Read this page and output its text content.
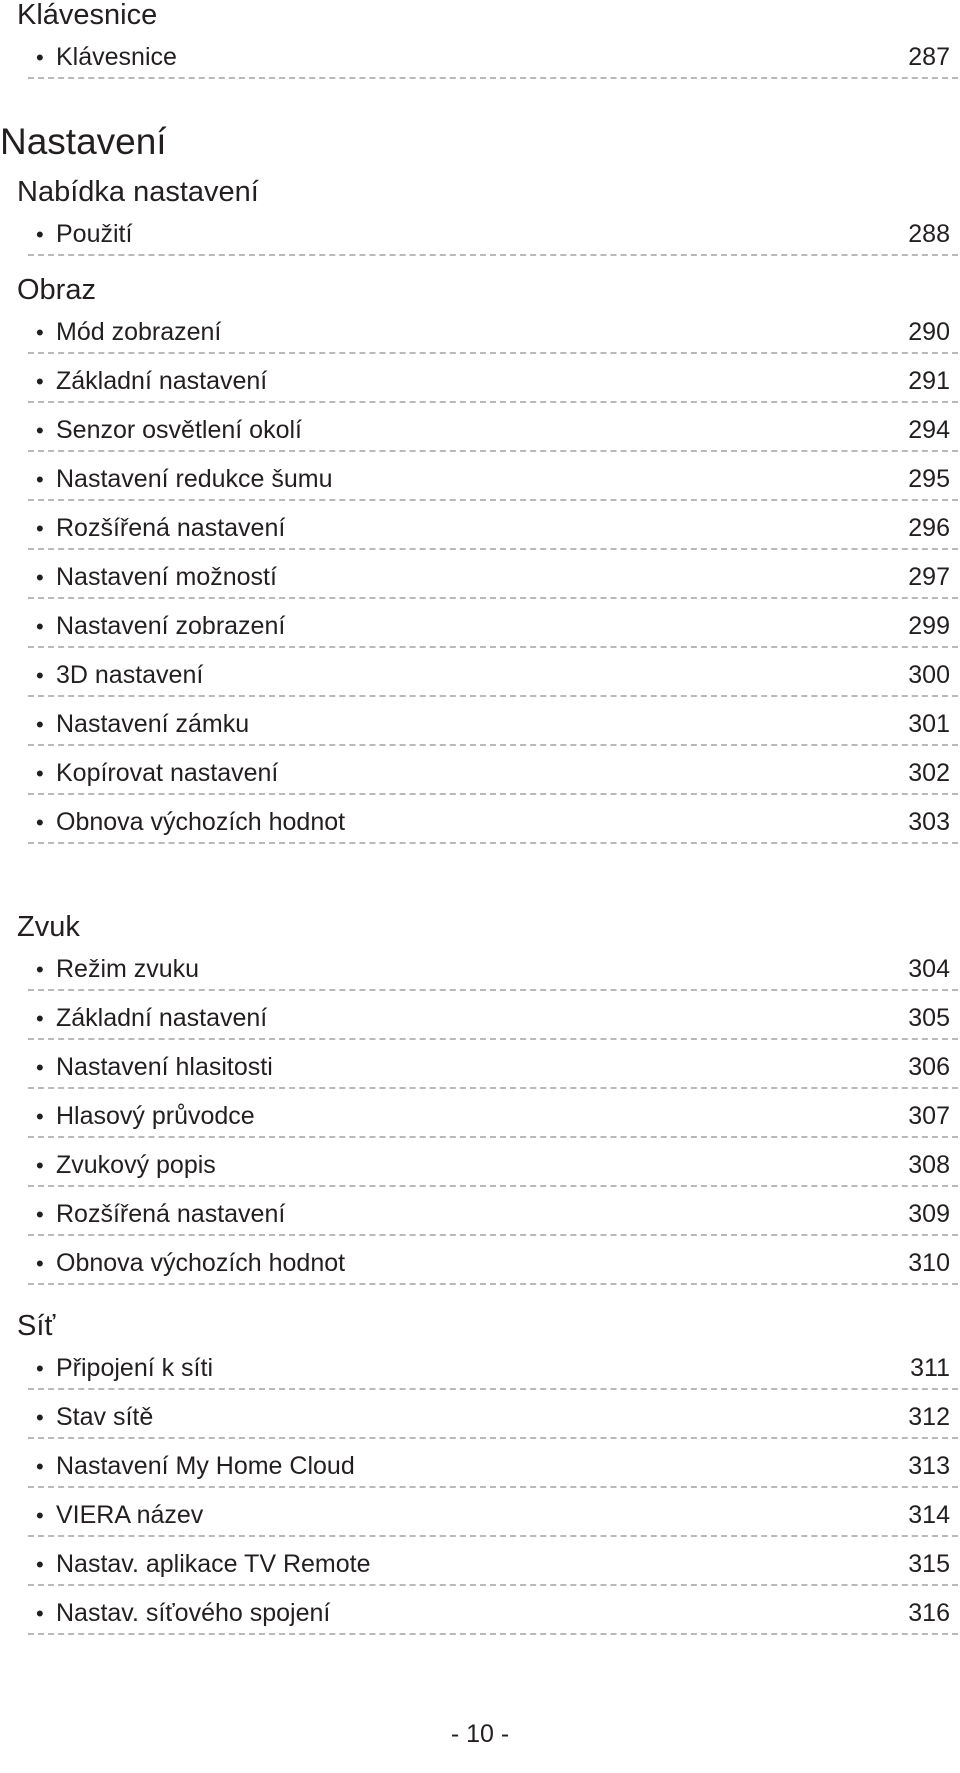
Klávesnice
• Klávesnice	287
Nastavení
Nabídka nastavení
• Použití	288
Obraz
• Mód zobrazení	290
• Základní nastavení	291
• Senzor osvětlení okolí	294
• Nastavení redukce šumu	295
• Rozšířená nastavení	296
• Nastavení možností	297
• Nastavení zobrazení	299
• 3D nastavení	300
• Nastavení zámku	301
• Kopírovat nastavení	302
• Obnova výchozích hodnot	303
Zvuk
• Režim zvuku	304
• Základní nastavení	305
• Nastavení hlasitosti	306
• Hlasový průvodce	307
• Zvukový popis	308
• Rozšířená nastavení	309
• Obnova výchozích hodnot	310
Síť
• Připojení k síti	311
• Stav sítě	312
• Nastavení My Home Cloud	313
• VIERA název	314
• Nastav. aplikace TV Remote	315
• Nastav. síťového spojení	316
- 10 -
